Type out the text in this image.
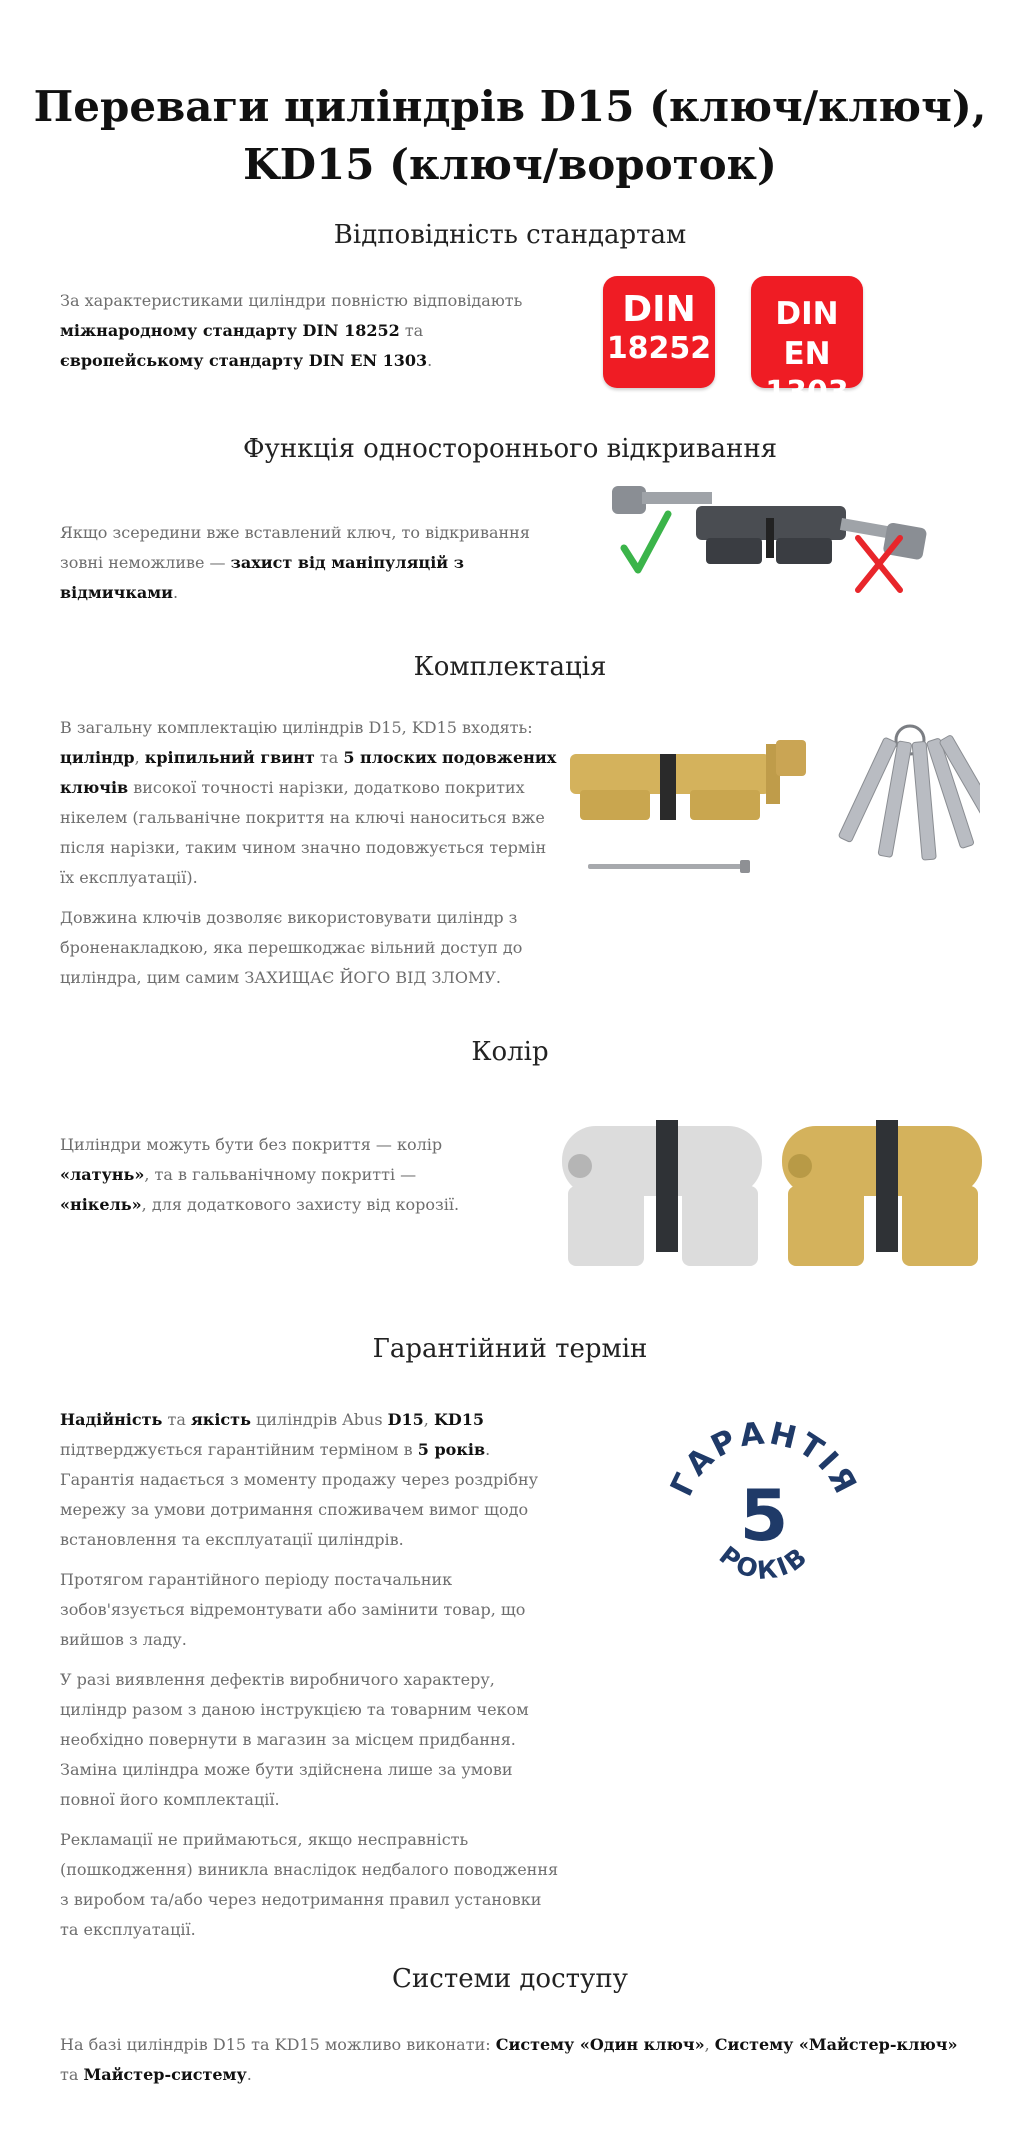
Переваги циліндрів D15 (ключ/ключ), KD15 (ключ/вороток)
Відповідність стандартам

За характеристиками циліндри повністю відповідають міжнародному стандарту DIN 18252 та європейському стандарту DIN EN 1303.

DIN
18252
DIN EN
1303
Функція одностороннього відкривання

Якщо зсередини вже вставлений ключ, то відкривання зовні неможливе — захист від маніпуляцій з відмичками.

Комплектація

В загальну комплектацію циліндрів D15, KD15 входять: циліндр, кріпильний гвинт та 5 плоских подовжених ключів високої точності нарізки, додатково покритих нікелем (гальванічне покриття на ключі наноситься вже після нарізки, таким чином значно подовжується термін їх експлуатації).

Довжина ключів дозволяє використовувати циліндр з броненакладкою, яка перешкоджає вільний доступ до циліндра, цим самим ЗАХИЩАЄ ЙОГО ВІД ЗЛОМУ.

Колір

Циліндри можуть бути без покриття — колір «латунь», та в гальванічному покритті — «нікель», для додаткового захисту від корозії.

Гарантійний термін

Надійність та якість циліндрів Abus D15, KD15 підтверджується гарантійним терміном в 5 років. Гарантія надається з моменту продажу через роздрібну мережу за умови дотримання споживачем вимог щодо встановлення та експлуатації циліндрів.

Протягом гарантійного періоду постачальник зобов'язується відремонтувати або замінити товар, що вийшов з ладу.

У разі виявлення дефектів виробничого характеру, циліндр разом з даною інструкцією та товарним чеком необхідно повернути в магазин за місцем придбання. Заміна циліндра може бути здійснена лише за умови повної його комплектації.

Рекламації не приймаються, якщо несправність (пошкодження) виникла внаслідок недбалого поводження з виробом та/або через недотримання правил установки та експлуатації.

ГАРАНТІЯ
5
РОКІВ
Системи доступу

На базі циліндрів D15 та KD15 можливо виконати: Систему «Один ключ», Систему «Майстер-ключ» та Майстер-систему.
